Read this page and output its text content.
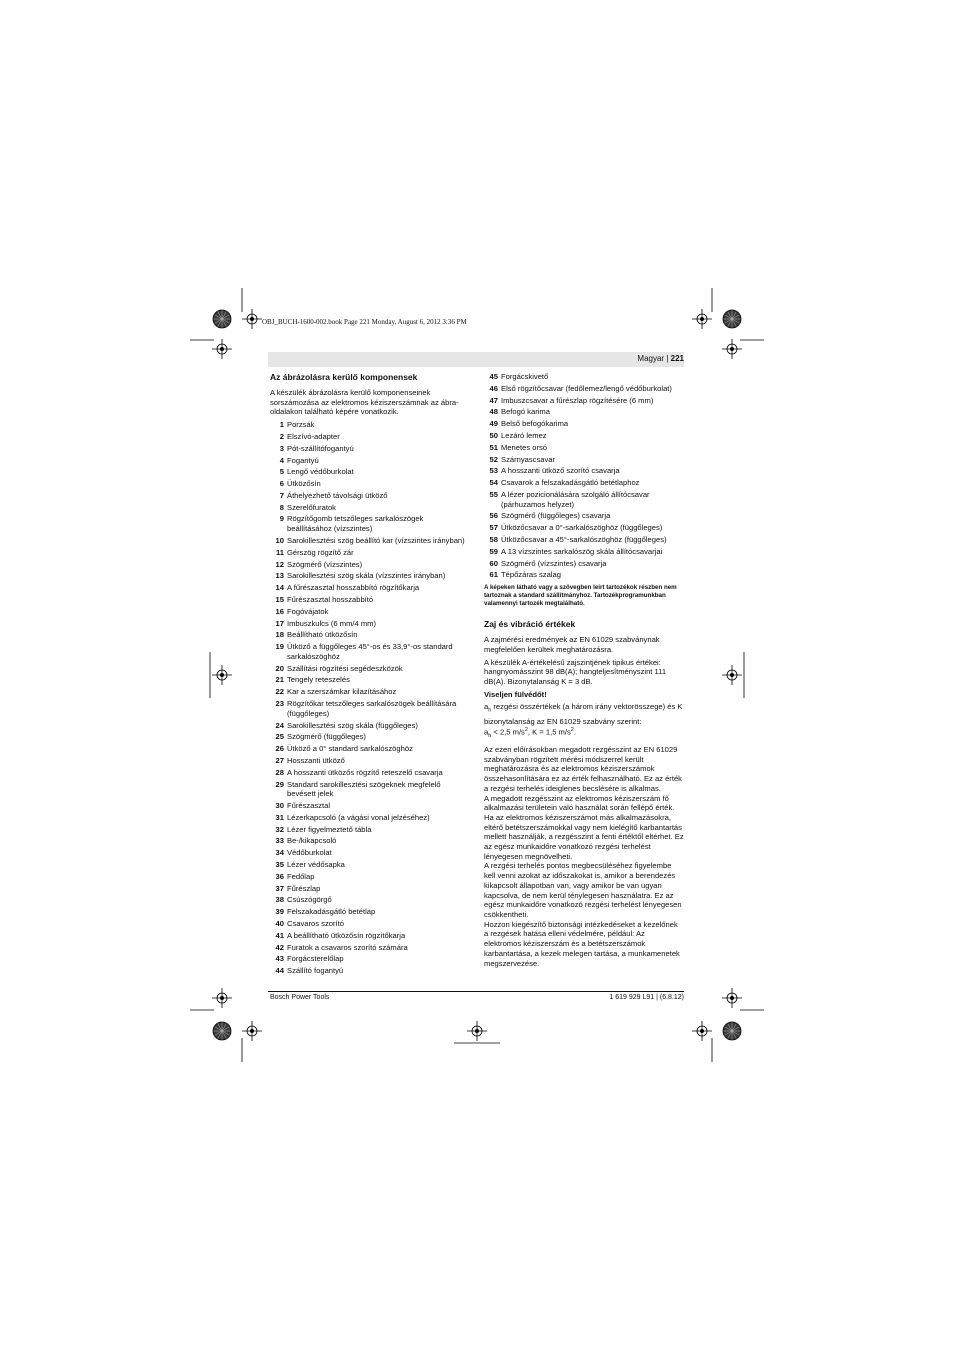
OBJ_BUCH-1600-002.book Page 221 Monday, August 6, 2012 3:36 PM
Magyar | 221
Az ábrázolásra kerülő komponensek

A készülék ábrázolásra kerülő komponenseinek sorszámozása az elektromos kéziszerszámnak az ábra-oldalakon található képére vonatkozik.

1 Porzsák
2 Elszívó-adapter
3 Pót-szállítófogantyú
4 Fogantyú
5 Lengő védőburkolat
6 Ütközősín
7 Áthelyezhető távolsági ütköző
8 Szerelőfuratok
9 Rögzítőgomb tetszőleges sarkalószögek beállításához (vízszintes)
10 Sarokillesztési szög beállító kar (vízszintes irányban)
11 Gérszög rögzítő zár
12 Szögmérő (vízszintes)
13 Sarokillesztési szög skála (vízszintes irányban)
14 A fűrészasztal hosszabbító rögzítőkarja
15 Fűrészasztal hosszabbító
16 Fogóvájatok
17 Imbuszkulcs (6 mm/4 mm)
18 Beállítható ütközősín
19 Ütköző a függőleges 45°-os és 33,9°-os standard sarkalószöghöz
20 Szállítási rögzítési segédeszközök
21 Tengely reteszelés
22 Kar a szerszámkar kilazításához
23 Rögzítőkar tetszőleges sarkalószögek beállítására (függőleges)
24 Sarokillesztési szög skála (függőleges)
25 Szögmérő (függőleges)
26 Ütköző a 0° standard sarkalószöghöz
27 Hosszanti ütköző
28 A hosszanti ütközős rögzítő reteszelő csavarja
29 Standard sarokillesztési szögeknek megfelelő bevésett jelek
30 Fűrészasztal
31 Lézerkapcsoló (a vágási vonal jelzéséhez)
32 Lézer figyelmeztető tábla
33 Be-/kikapcsoló
34 Védőburkolat
35 Lézer védősapka
36 Fedőlap
37 Fűrészlap
38 Csúszógörgő
39 Felszakadásgátló betétlap
40 Csavaros szorító
41 A beállítható ütközősín rögzítőkarja
42 Furatok a csavaros szorító számára
43 Forgácsterelőlap
44 Szállító fogantyú
45 Forgácskivető
46 Első rögzítőcsavar (fedőlemez/lengő védőburkolat)
47 Imbuszcsavar a fűrészlap rögzítésére (6 mm)
48 Befogó karima
49 Belső befogókarima
50 Lezáró lemez
51 Menetes orsó
52 Szárnyascsavar
53 A hosszanti ütköző szorító csavarja
54 Csavarok a felszakadásgátló betétlaphoz
55 A lézer pozicionálására szolgáló állítócsavar (párhuzamos helyzet)
56 Szögmérő (függőleges) csavarja
57 Ütközőcsavar a 0°-sarkalószöghöz (függőleges)
58 Ütközőcsavar a 45°-sarkalószöghöz (függőleges)
59 A 13 vízszintes sarkalószög skála állítócsavarjai
60 Szögmérő (vízszintes) csavarja
61 Tépőzáras szalag
A képeken látható vagy a szövegben leírt tartozékok részben nem tartoznak a standard szállítmányhoz. Tartozékprogramunkban valamennyi tartozék megtalálható.
Zaj és vibráció értékek

A zajmérési eredmények az EN 61029 szabványnak megfelelően kerültek meghatározásra.

A készülék A-értékelésű zajszintjének tipikus értékei: hangnyomásszint 98 dB(A); hangteljesítményszint 111 dB(A). Bizonytalanság K = 3 dB.

Viseljen fülvédőt!

$a_h$ rezgési összértékek (a három irány vektorösszege) és K bizonytalanság az EN 61029 szabvány szerint:
$a_h < 2,5$ $m/s^2$, K = 1,5 $m/s^2$.

Az ezen előírásokban megadott rezgésszint az EN 61029 szabványban rögzített mérési módszerrel került meghatározásra és az elektromos kéziszerszámok összehasonlítására ez az érték felhasználható. Ez az érték a rezgési terhelés ideiglenes becslésére is alkalmas.

A megadott rezgésszint az elektromos kéziszerszám fő alkalmazási területein való használat során fellépő érték. Ha az elektromos kéziszerszámot más alkalmazásokra, eltérő betétszerszámokkal vagy nem kielégítő karbantartás mellett használják, a rezgésszint a fenti értéktől eltérhet. Ez az egész munkaidőre vonatkozó rezgési terhelést lényegesen megnövelheti.

A rezgési terhelés pontos megbecsüléséhez figyelembe kell venni azokat az időszakokat is, amikor a berendezés kikapcsolt állapotban van, vagy amikor be van ugyan kapcsolva, de nem kerül ténylegesen használatra. Ez az egész munkaidőre vonatkozó rezgési terhelést lényegesen csökkentheti.

Hozzon kiegészítő biztonsági intézkedéseket a kezelőnek a rezgések hatása elleni védelmére, például: Az elektromos kéziszerszám és a betétszerszámok karbantartása, a kezek melegen tartása, a munkamenetek megszervezése.

Bosch Power Tools	1 619 929 L91 | (6.8.12)
